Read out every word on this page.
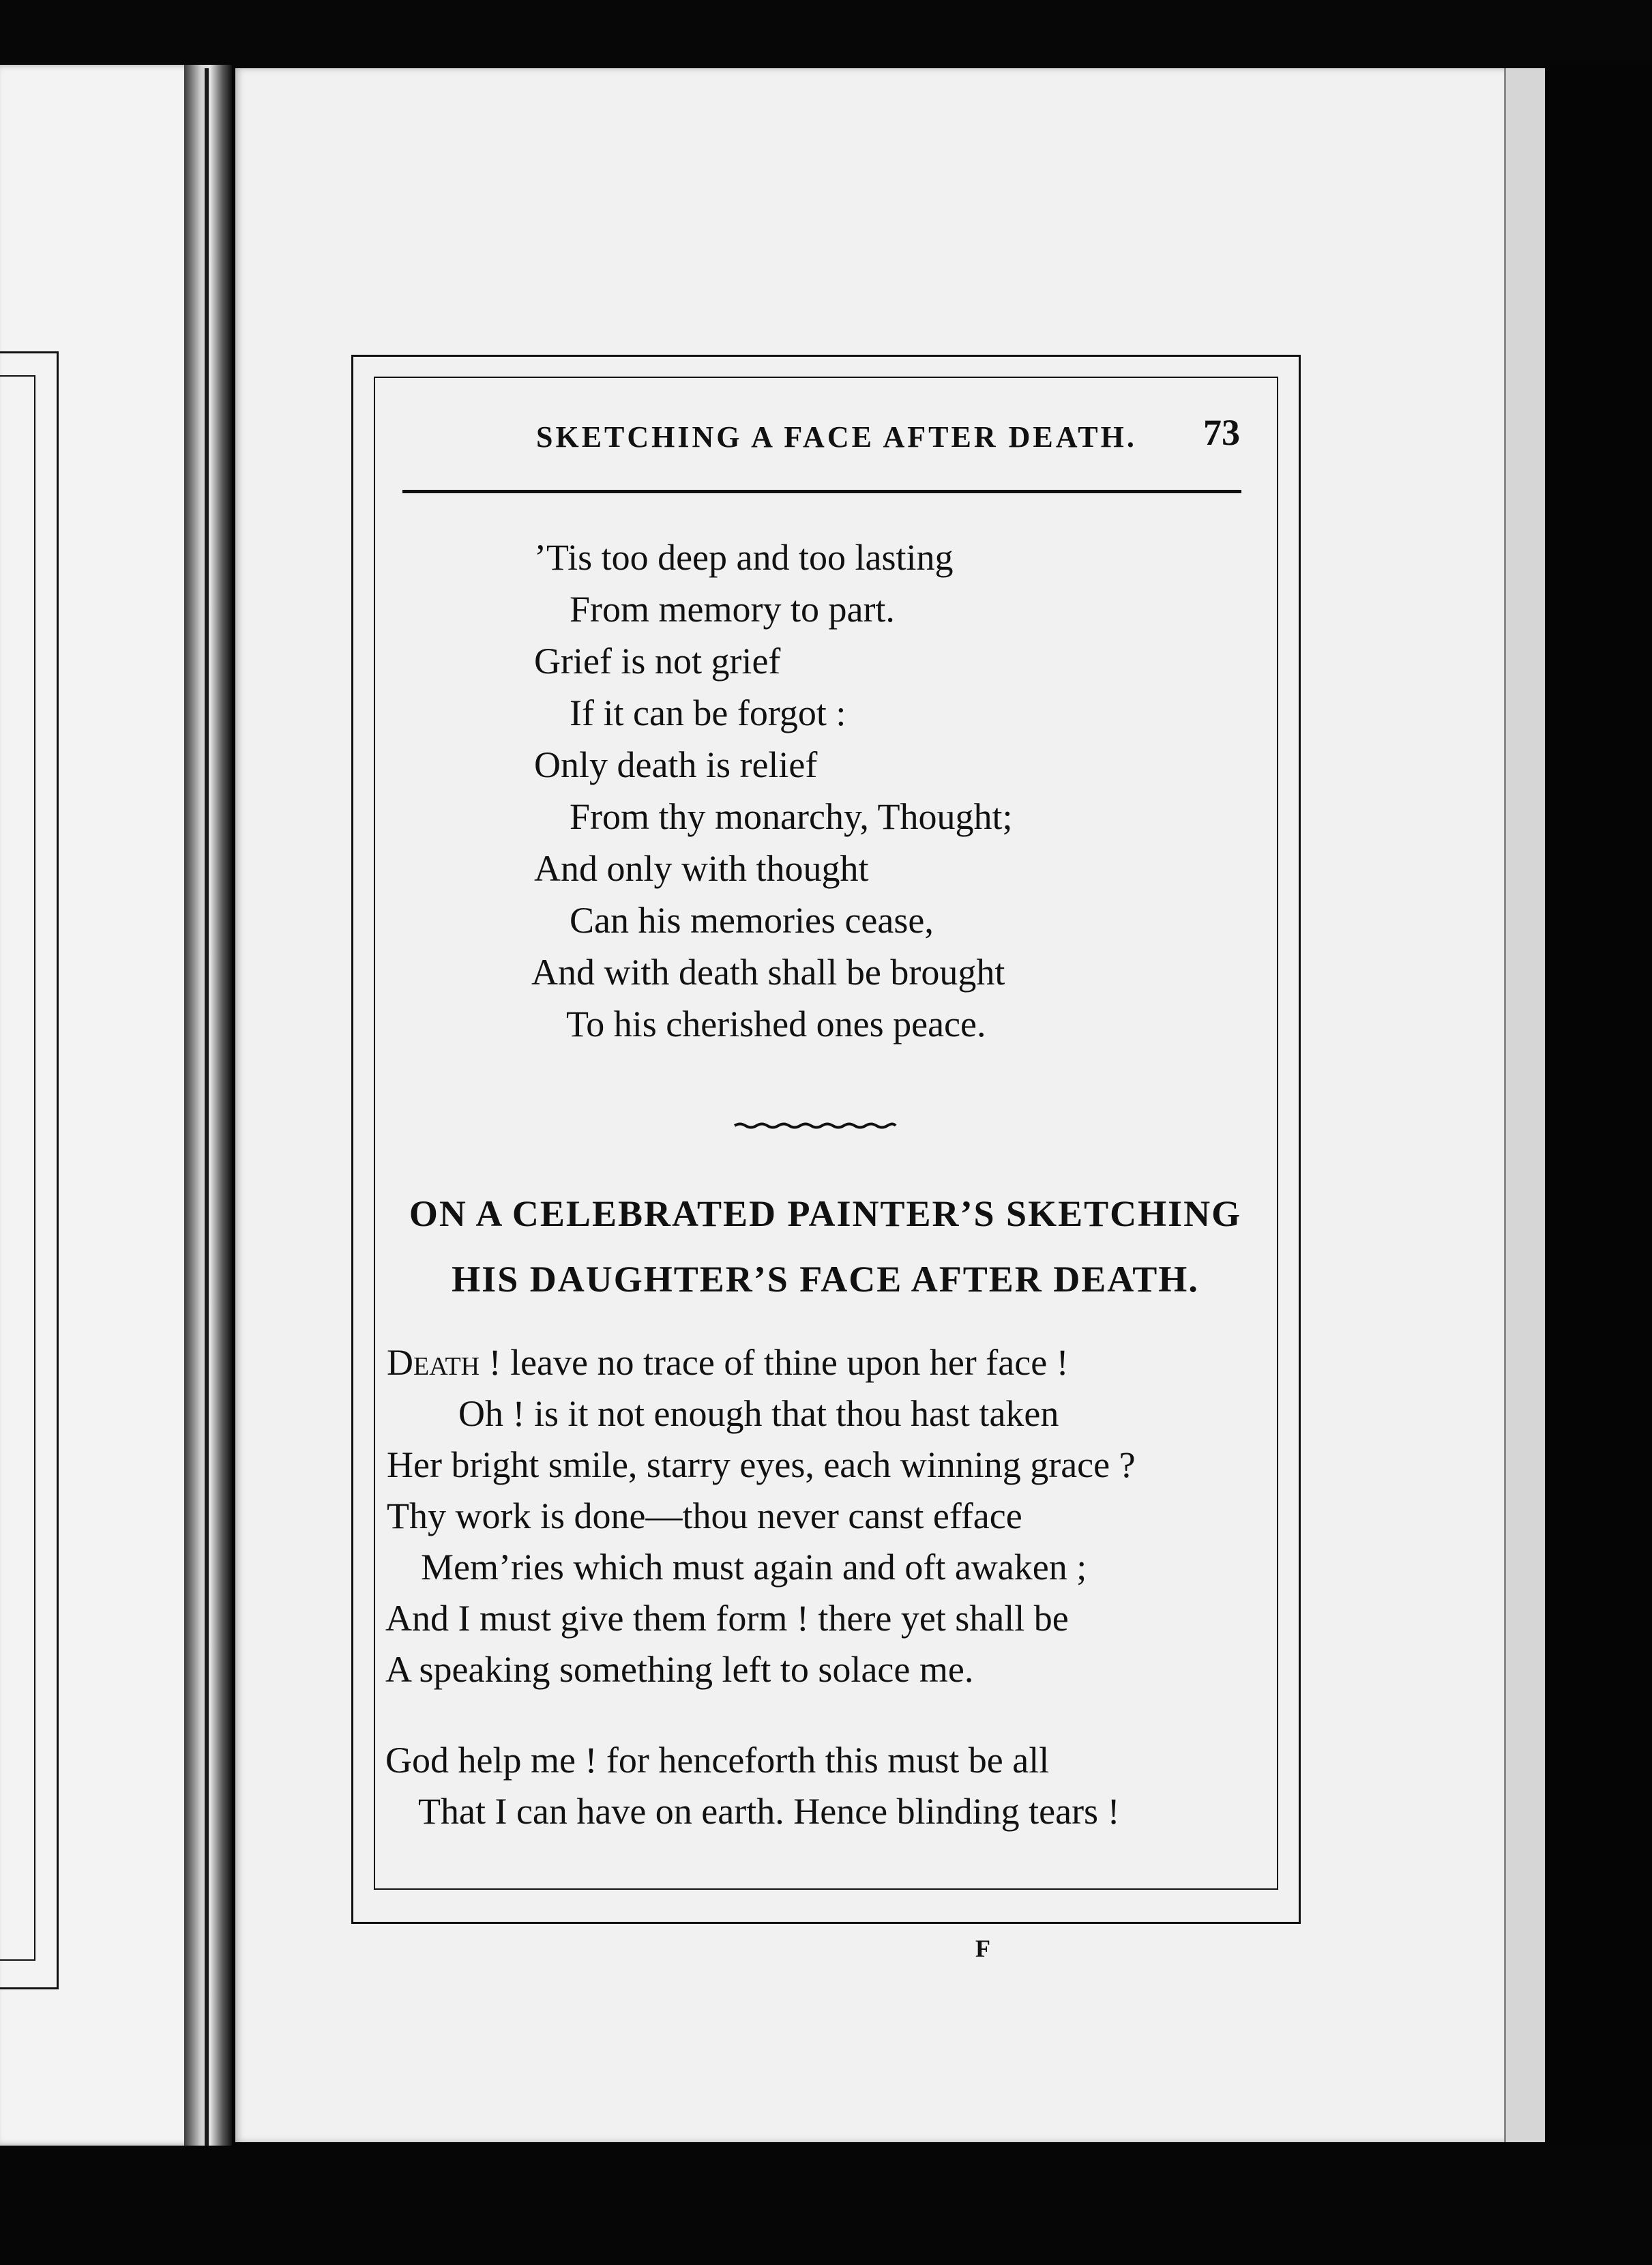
SKETCHING A FACE AFTER DEATH. 73
’Tis too deep and too lasting
From memory to part.
Grief is not grief
If it can be forgot :
Only death is relief
From thy monarchy, Thought;
And only with thought
Can his memories cease,
And with death shall be brought
To his cherished ones peace.
ON A CELEBRATED PAINTER’S SKETCHING
HIS DAUGHTER’S FACE AFTER DEATH.
Death ! leave no trace of thine upon her face !
Oh ! is it not enough that thou hast taken
Her bright smile, starry eyes, each winning grace ?
Thy work is done—thou never canst efface
Mem’ries which must again and oft awaken ;
And I must give them form ! there yet shall be
A speaking something left to solace me.
God help me ! for henceforth this must be all
That I can have on earth. Hence blinding tears !
F
